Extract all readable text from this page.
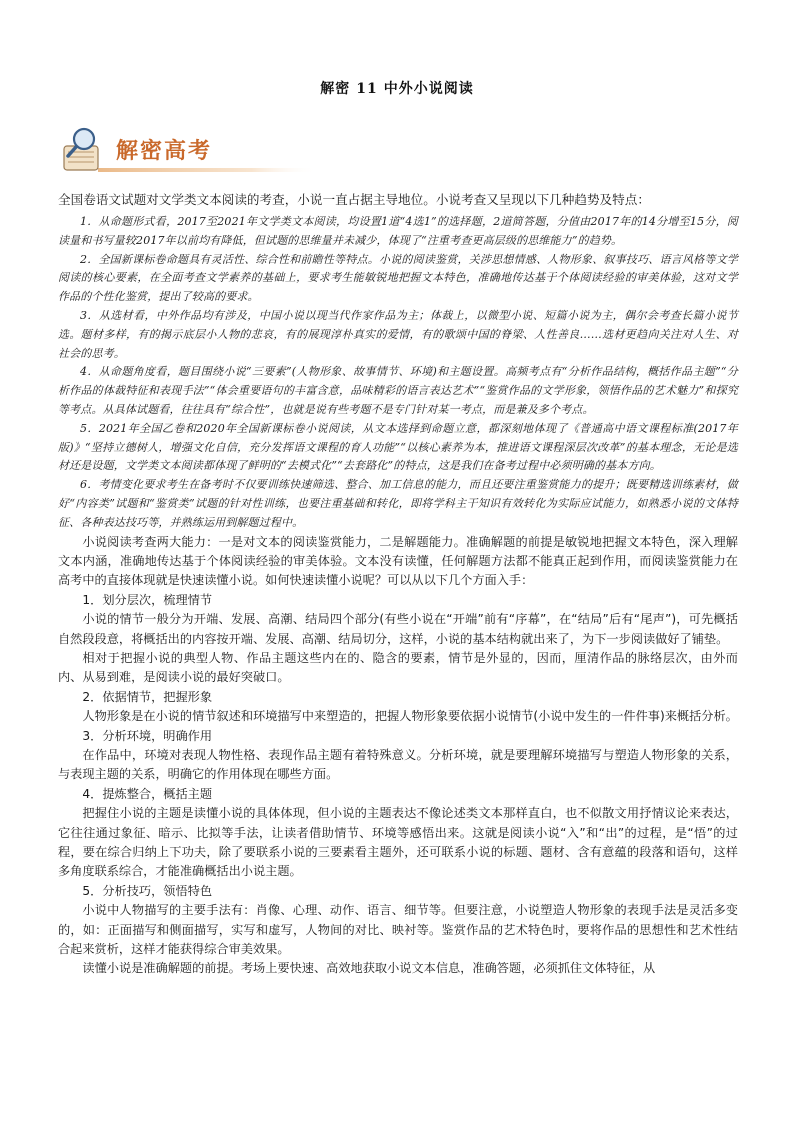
解密 11 中外小说阅读
解密高考

全国卷语文试题对文学类文本阅读的考查，小说一直占据主导地位。小说考查又呈现以下几种趋势及特点：

1．从命题形式看，2017至2021年文学类文本阅读，均设置1道“4选1”的选择题，2道简答题，分值由2017年的14分增至15分，阅读量和书写量较2017年以前均有降低，但试题的思维量并未减少，体现了“注重考查更高层级的思维能力”的趋势。

2．全国新课标卷命题具有灵活性、综合性和前瞻性等特点。小说的阅读鉴赏，关涉思想情感、人物形象、叙事技巧、语言风格等文学阅读的核心要素，在全面考查文学素养的基础上，要求考生能敏锐地把握文本特色，准确地传达基于个体阅读经验的审美体验，这对文学作品的个性化鉴赏，提出了较高的要求。

3．从选材看，中外作品均有涉及，中国小说以现当代作家作品为主；体裁上，以微型小说、短篇小说为主，偶尔会考查长篇小说节选。题材多样，有的揭示底层小人物的悲哀，有的展现淳朴真实的爱情，有的歌颂中国的脊梁、人性善良……选材更趋向关注对人生、对社会的思考。

4．从命题角度看，题目围绕小说“三要素”(人物形象、故事情节、环境)和主题设置。高频考点有“分析作品结构，概括作品主题”“分析作品的体裁特征和表现手法”“体会重要语句的丰富含意，品味精彩的语言表达艺术”“鉴赏作品的文学形象，领悟作品的艺术魅力”和探究等考点。从具体试题看，往往具有“综合性”，也就是说有些考题不是专门针对某一考点，而是兼及多个考点。

5．2021年全国乙卷和2020年全国新课标卷小说阅读，从文本选择到命题立意，都深刻地体现了《普通高中语文课程标准(2017年版)》“坚持立德树人，增强文化自信，充分发挥语文课程的育人功能”“以核心素养为本，推进语文课程深层次改革”的基本理念，无论是选材还是设题，文学类文本阅读都体现了鲜明的“去模式化”“去套路化”的特点，这是我们在备考过程中必须明确的基本方向。

6．考情变化要求考生在备考时不仅要训练快速筛选、整合、加工信息的能力，而且还要注重鉴赏能力的提升；既要精选训练素材，做好“内容类”试题和“鉴赏类”试题的针对性训练，也要注重基础和转化，即将学科主干知识有效转化为实际应试能力，如熟悉小说的文体特征、各种表达技巧等，并熟练运用到解题过程中。

小说阅读考查两大能力：一是对文本的阅读鉴赏能力，二是解题能力。准确解题的前提是敏锐地把握文本特色，深入理解文本内涵，准确地传达基于个体阅读经验的审美体验。文本没有读懂，任何解题方法都不能真正起到作用，而阅读鉴赏能力在高考中的直接体现就是快速读懂小说。如何快速读懂小说呢？可以从以下几个方面入手：

1．划分层次，梳理情节

小说的情节一般分为开端、发展、高潮、结局四个部分(有些小说在“开端”前有“序幕”，在“结局”后有“尾声”)，可先概括自然段段意，将概括出的内容按开端、发展、高潮、结局切分，这样，小说的基本结构就出来了，为下一步阅读做好了铺垫。

相对于把握小说的典型人物、作品主题这些内在的、隐含的要素，情节是外显的，因而，厘清作品的脉络层次，由外而内、从易到难，是阅读小说的最好突破口。

2．依据情节，把握形象

人物形象是在小说的情节叙述和环境描写中来塑造的，把握人物形象要依据小说情节(小说中发生的一件件事)来概括分析。

3．分析环境，明确作用

在作品中，环境对表现人物性格、表现作品主题有着特殊意义。分析环境，就是要理解环境描写与塑造人物形象的关系，与表现主题的关系，明确它的作用体现在哪些方面。

4．提炼整合，概括主题

把握住小说的主题是读懂小说的具体体现，但小说的主题表达不像论述类文本那样直白，也不似散文用抒情议论来表达，它往往通过象征、暗示、比拟等手法，让读者借助情节、环境等感悟出来。这就是阅读小说“入”和“出”的过程，是“悟”的过程，要在综合归纳上下功夫，除了要联系小说的三要素看主题外，还可联系小说的标题、题材、含有意蕴的段落和语句，这样多角度联系综合，才能准确概括出小说主题。

5．分析技巧，领悟特色

小说中人物描写的主要手法有：肖像、心理、动作、语言、细节等。但要注意，小说塑造人物形象的表现手法是灵活多变的，如：正面描写和侧面描写，实写和虚写，人物间的对比、映衬等。鉴赏作品的艺术特色时，要将作品的思想性和艺术性结合起来赏析，这样才能获得综合审美效果。

读懂小说是准确解题的前提。考场上要快速、高效地获取小说文本信息，准确答题，必须抓住文体特征，从
